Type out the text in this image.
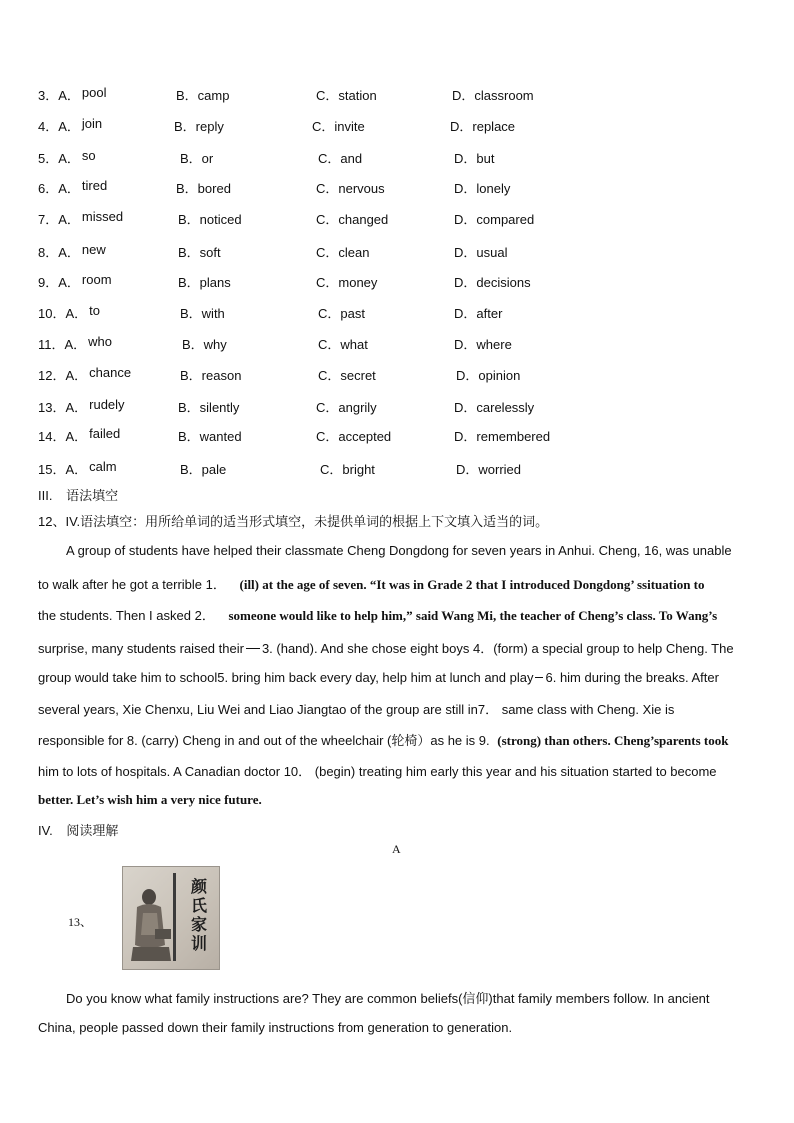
3．A． pool	B．camp	C．station	D．classroom
4．A． join	B．reply	C．invite	D．replace
5．A． so	B．or	C．and	D．but
6．A． tired	B．bored	C．nervous	D．lonely
7．A． missed	B．noticed	C．changed	D．compared
8．A． new	B．soft	C．clean	D．usual
9．A． room	B．plans	C．money	D．decisions
10．A． to	B．with	C．past	D．after
11．A． who	B．why	C．what	D．where
12．A． chance	B．reason	C．secret	D．opinion
13．A． rudely	B．silently	C．angrily	D．carelessly
14．A． failed	B．wanted	C．accepted	D．remembered
15．A． calm	B．pale	C．bright	D．worried
III. 语法填空
12、IV.语法填空：用所给单词的适当形式填空，未提供单词的根据上下文填入适当的词。
A group of students have helped their classmate Cheng Dongdong for seven years in Anhui. Cheng, 16, was unable
to walk after he got a terrible 1． (ill) at the age of seven. “It was in Grade 2 that I introduced Dongdong’ ssituation to
the students. Then I asked 2． someone would like to help him,” said Wang Mi, the teacher of Cheng’s class. To Wang’s
surprise, many students raised their 3. (hand). And she chose eight boys 4．(form) a special group to help Cheng. The
group would take him to school5. bring him back every day, help him at lunch and play 6. him during the breaks. After
several years, Xie Chenxu, Liu Wei and Liao Jiangtao of the group are still in7． same class with Cheng. Xie is
responsible for 8. (carry) Cheng in and out of the wheelchair (轮椅）as he is 9. (strong) than others. Cheng’sparents took
him to lots of hospitals. A Canadian doctor 10． (begin) treating him early this year and his situation started to become
better. Let’s wish him a very nice future.
IV. 阅读理解
A
13、
颜氏家训
Do you know what family instructions are? They are common beliefs(信仰)that family members follow. In ancient
China, people passed down their family instructions from generation to generation.
